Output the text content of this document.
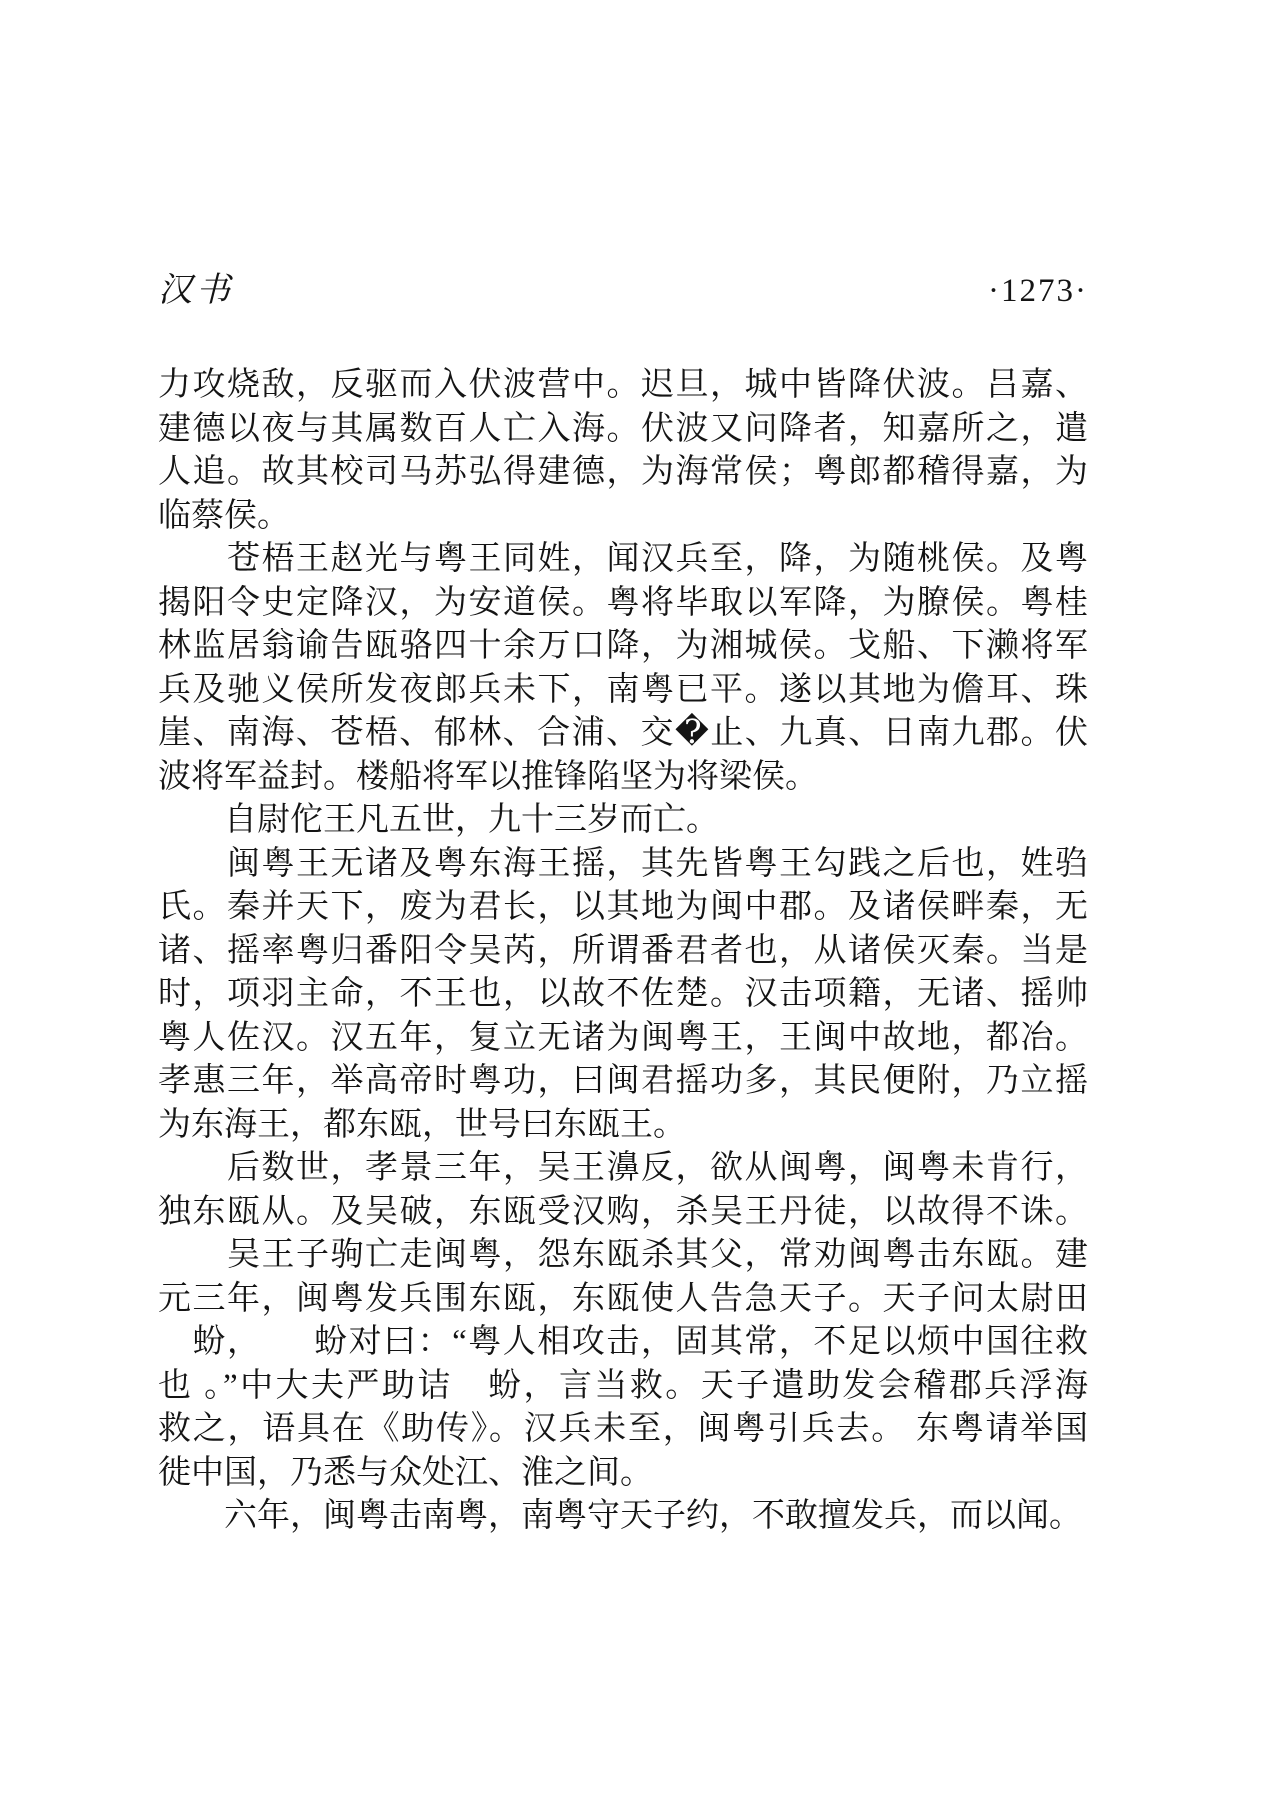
汉书	·1273·
力攻烧敌，反驱而入伏波营中。迟旦，城中皆降伏波。吕嘉、
建德以夜与其属数百人亡入海。伏波又问降者，知嘉所之，遣
人追。故其校司马苏弘得建德，为海常侯；粤郎都稽得嘉，为
临蔡侯。
　　苍梧王赵光与粤王同姓，闻汉兵至，降，为随桃侯。及粤
揭阳令史定降汉，为安道侯。粤将毕取以军降，为膫侯。粤桂
林监居翁谕告瓯骆四十余万口降，为湘城侯。戈船、下濑将军
兵及驰义侯所发夜郎兵未下，南粤已平。遂以其地为儋耳、珠
崖、南海、苍梧、郁林、合浦、交�止、九真、日南九郡。伏
波将军益封。楼船将军以推锋陷坚为将梁侯。
　　自尉佗王凡五世，九十三岁而亡。
　　闽粤王无诸及粤东海王摇，其先皆粤王勾践之后也，姓驺
氏。秦并天下，废为君长，以其地为闽中郡。及诸侯畔秦，无
诸、摇率粤归番阳令吴芮，所谓番君者也，从诸侯灭秦。当是
时，项羽主命，不王也，以故不佐楚。汉击项籍，无诸、摇帅
粤人佐汉。汉五年，复立无诸为闽粤王，王闽中故地，都冶。
孝惠三年，举高帝时粤功，曰闽君摇功多，其民便附，乃立摇
为东海王，都东瓯，世号曰东瓯王。
　　后数世，孝景三年，吴王濞反，欲从闽粤，闽粤未肯行，
独东瓯从。及吴破，东瓯受汉购，杀吴王丹徒，以故得不诛。
　　吴王子驹亡走闽粤，怨东瓯杀其父，常劝闽粤击东瓯。建
元三年，闽粤发兵围东瓯，东瓯使人告急天子。天子问太尉田
　蚡，　　蚡对曰：“粤人相攻击，固其常，不足以烦中国往救
也 。”中大夫严助诘　蚡，言当救。天子遣助发会稽郡兵浮海
救之，语具在《助传》。汉兵未至，闽粤引兵去。 东粤请举国
徙中国，乃悉与众处江、淮之间。
　　六年，闽粤击南粤，南粤守天子约，不敢擅发兵，而以闻。
